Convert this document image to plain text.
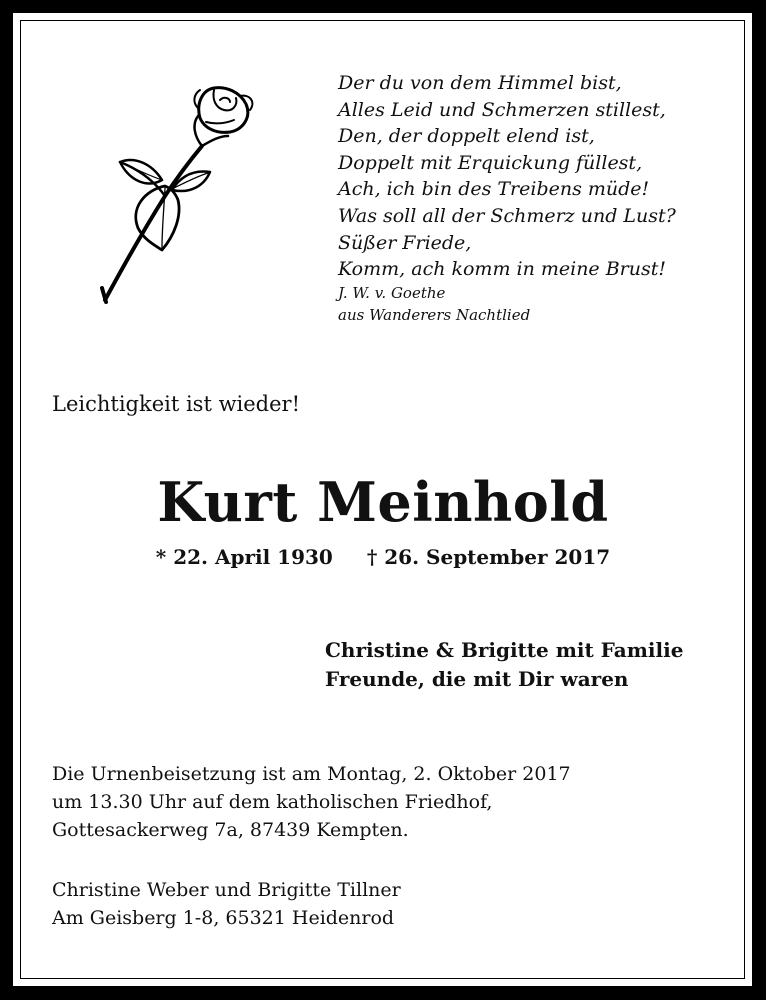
Der du von dem Himmel bist,
Alles Leid und Schmerzen stillest,
Den, der doppelt elend ist,
Doppelt mit Erquickung füllest,
Ach, ich bin des Treibens müde!
Was soll all der Schmerz und Lust?
Süßer Friede,
Komm, ach komm in meine Brust!
J. W. v. Goethe
aus Wanderers Nachtlied
Leichtigkeit ist wieder!
Kurt Meinhold
* 22. April 1930 † 26. September 2017
Christine & Brigitte mit Familie
Freunde, die mit Dir waren
Die Urnenbeisetzung ist am Montag, 2. Oktober 2017
um 13.30 Uhr auf dem katholischen Friedhof,
Gottesackerweg 7a, 87439 Kempten.
Christine Weber und Brigitte Tillner
Am Geisberg 1-8, 65321 Heidenrod
